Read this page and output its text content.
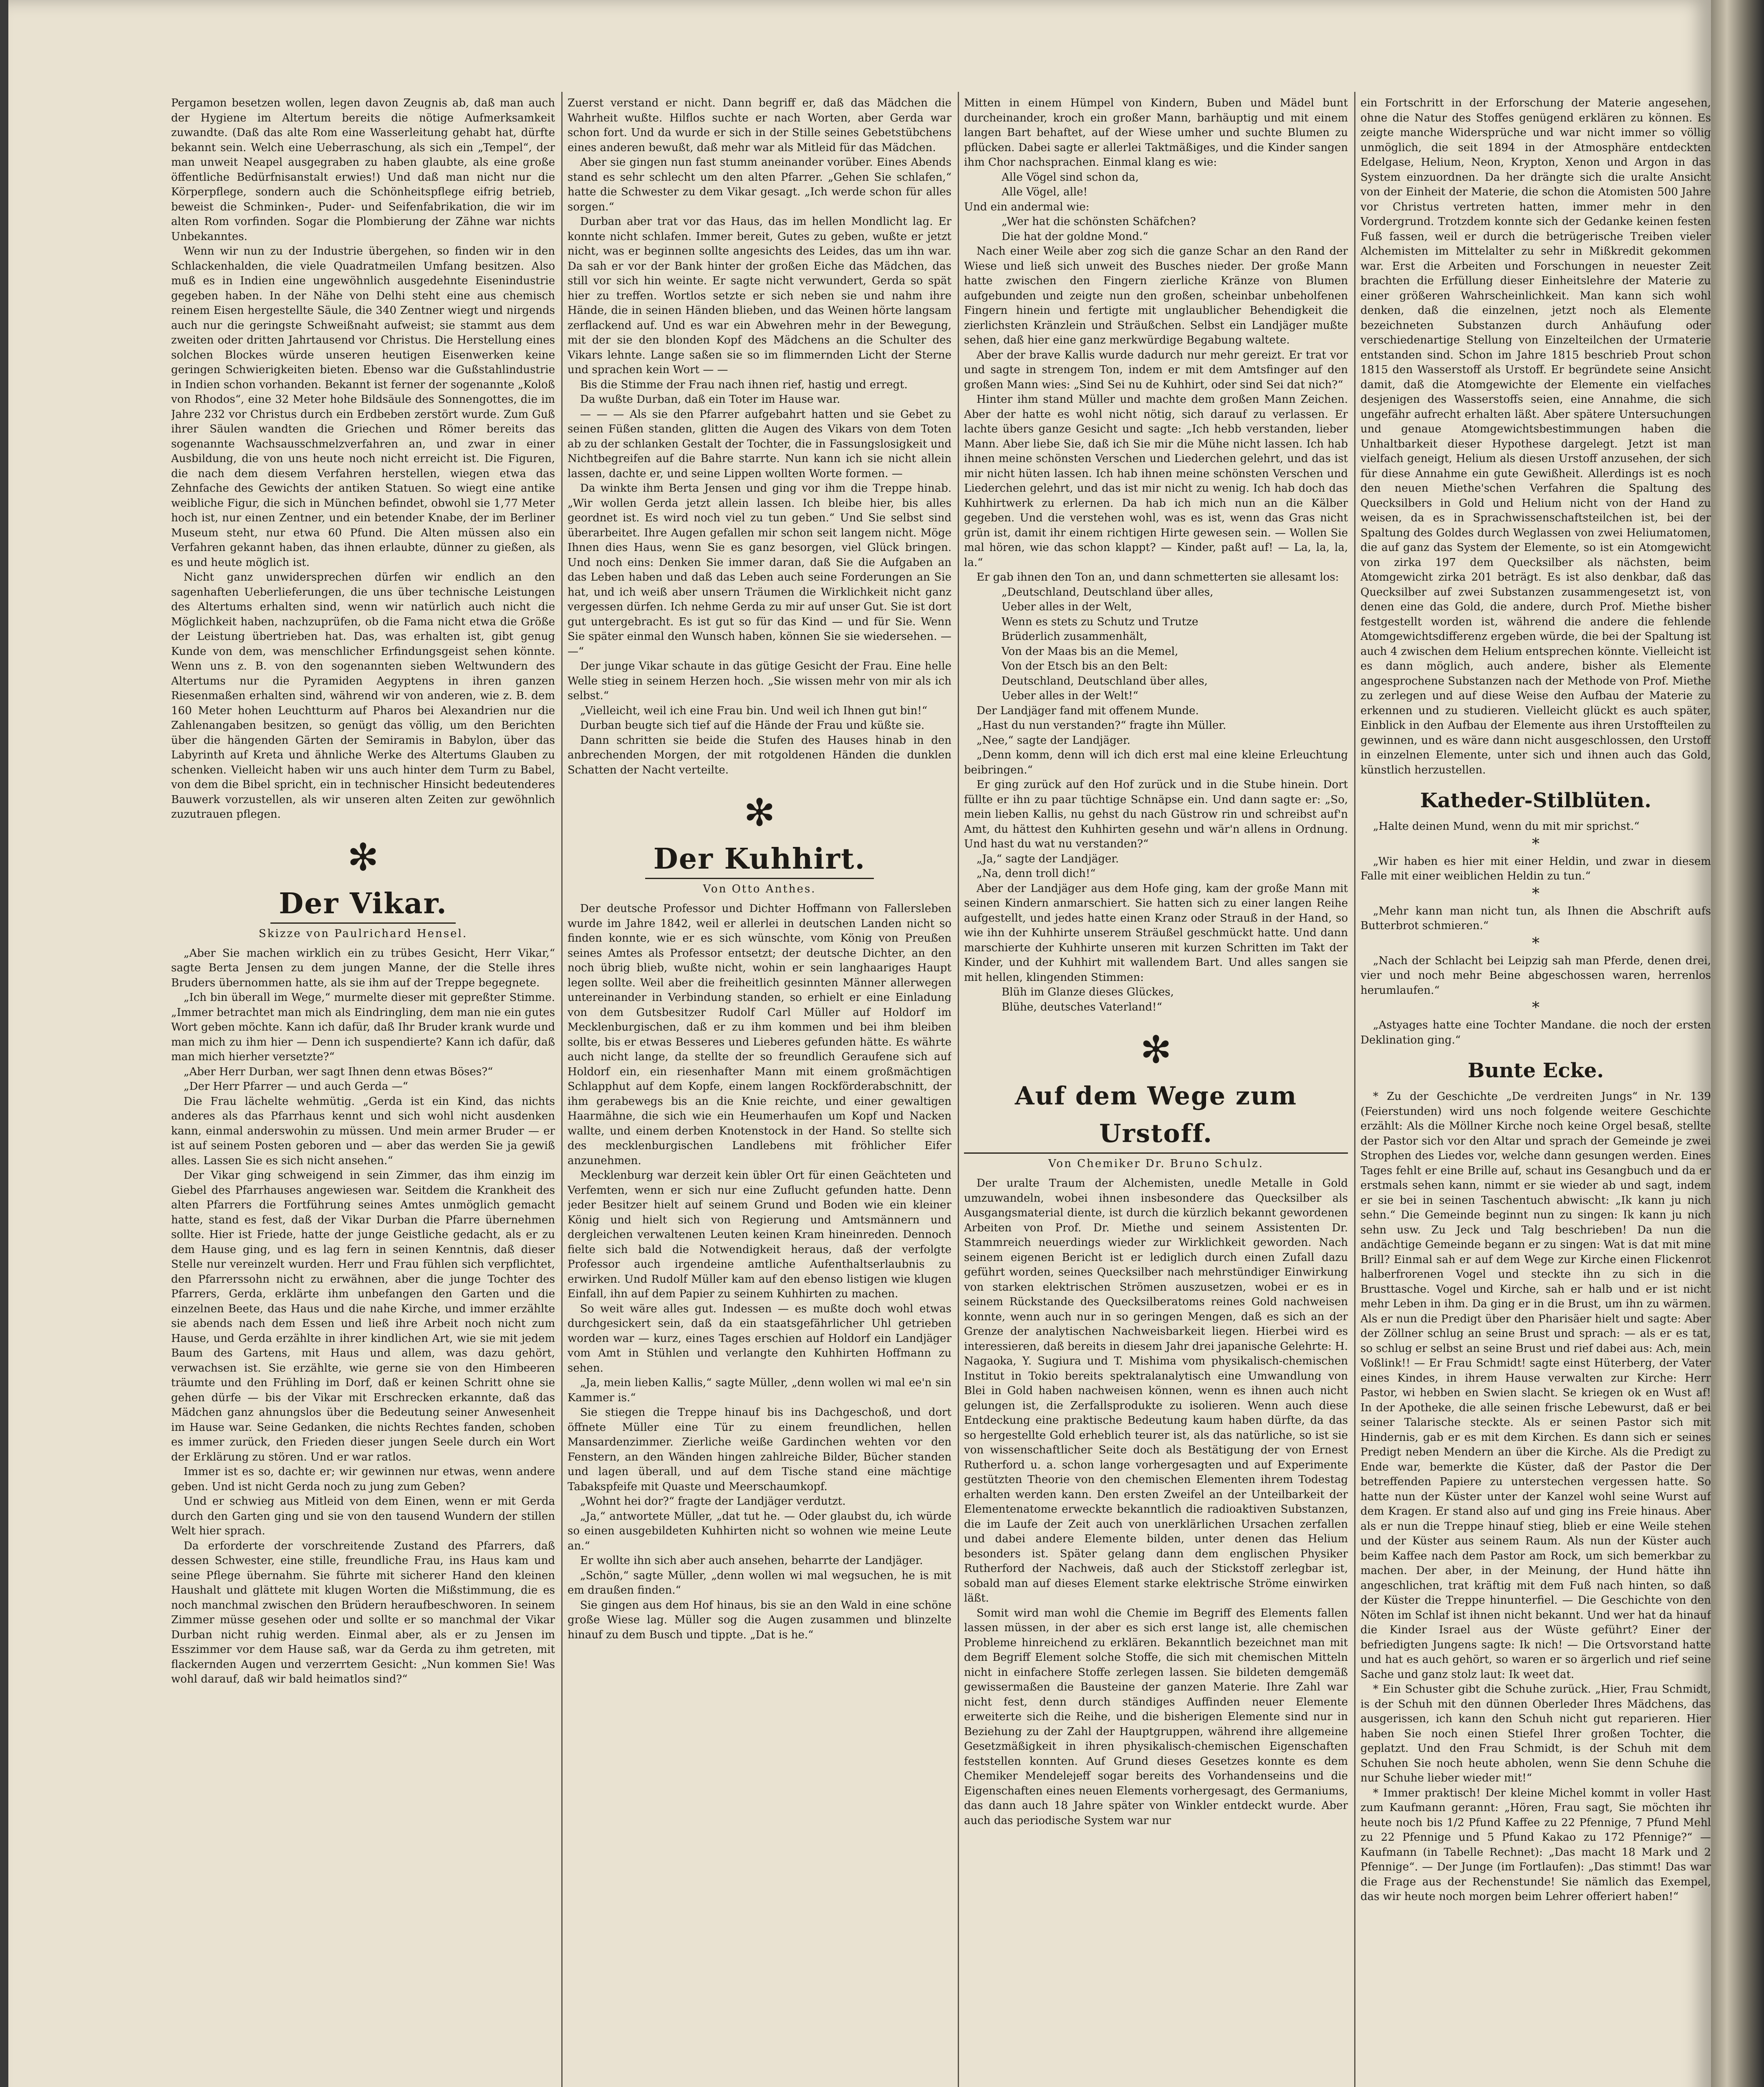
Pergamon besetzen wollen, legen davon Zeugnis ab, daß man auch der Hygiene im Altertum bereits die nötige Aufmerksamkeit zuwandte. (Daß das alte Rom eine Wasserleitung gehabt hat, dürfte bekannt sein. Welch eine Ueberraschung, als sich ein „Tempel“, der man unweit Neapel ausgegraben zu haben glaubte, als eine große öffentliche Bedürfnisanstalt erwies!) Und daß man nicht nur die Körperpflege, sondern auch die Schönheitspflege eifrig betrieb, beweist die Schminken-, Puder- und Seifenfabrikation, die wir im alten Rom vorfinden. Sogar die Plombierung der Zähne war nichts Unbekanntes.

Wenn wir nun zu der Industrie übergehen, so finden wir in den Schlackenhalden, die viele Quadratmeilen Umfang besitzen. Also muß es in Indien eine ungewöhnlich ausgedehnte Eisenindustrie gegeben haben. In der Nähe von Delhi steht eine aus chemisch reinem Eisen hergestellte Säule, die 340 Zentner wiegt und nirgends auch nur die geringste Schweißnaht aufweist; sie stammt aus dem zweiten oder dritten Jahrtausend vor Christus. Die Herstellung eines solchen Blockes würde unseren heutigen Eisenwerken keine geringen Schwierigkeiten bieten. Ebenso war die Gußstahlindustrie in Indien schon vorhanden. Bekannt ist ferner der sogenannte „Koloß von Rhodos“, eine 32 Meter hohe Bildsäule des Sonnengottes, die im Jahre 232 vor Christus durch ein Erdbeben zerstört wurde. Zum Guß ihrer Säulen wandten die Griechen und Römer bereits das sogenannte Wachsausschmelzverfahren an, und zwar in einer Ausbildung, die von uns heute noch nicht erreicht ist. Die Figuren, die nach dem diesem Verfahren herstellen, wiegen etwa das Zehnfache des Gewichts der antiken Statuen. So wiegt eine antike weibliche Figur, die sich in München befindet, obwohl sie 1,77 Meter hoch ist, nur einen Zentner, und ein betender Knabe, der im Berliner Museum steht, nur etwa 60 Pfund. Die Alten müssen also ein Verfahren gekannt haben, das ihnen erlaubte, dünner zu gießen, als es und heute möglich ist.

Nicht ganz unwidersprechen dürfen wir endlich an den sagenhaften Ueberlieferungen, die uns über technische Leistungen des Altertums erhalten sind, wenn wir natürlich auch nicht die Möglichkeit haben, nachzuprüfen, ob die Fama nicht etwa die Größe der Leistung übertrieben hat. Das, was erhalten ist, gibt genug Kunde von dem, was menschlicher Erfindungsgeist sehen könnte. Wenn uns z. B. von den sogenannten sieben Weltwundern des Altertums nur die Pyramiden Aegyptens in ihren ganzen Riesenmaßen erhalten sind, während wir von anderen, wie z. B. dem 160 Meter hohen Leuchtturm auf Pharos bei Alexandrien nur die Zahlenangaben besitzen, so genügt das völlig, um den Berichten über die hängenden Gärten der Semiramis in Babylon, über das Labyrinth auf Kreta und ähnliche Werke des Altertums Glauben zu schenken. Vielleicht haben wir uns auch hinter dem Turm zu Babel, von dem die Bibel spricht, ein in technischer Hinsicht bedeutenderes Bauwerk vorzustellen, als wir unseren alten Zeiten zur gewöhnlich zuzutrauen pflegen.

✻
Der Vikar.
Skizze von Paulrichard Hensel.

„Aber Sie machen wirklich ein zu trübes Gesicht, Herr Vikar,“ sagte Berta Jensen zu dem jungen Manne, der die Stelle ihres Bruders übernommen hatte, als sie ihm auf der Treppe begegnete.

„Ich bin überall im Wege,“ murmelte dieser mit gepreßter Stimme. „Immer betrachtet man mich als Eindringling, dem man nie ein gutes Wort geben möchte. Kann ich dafür, daß Ihr Bruder krank wurde und man mich zu ihm hier — Denn ich suspendierte? Kann ich dafür, daß man mich hierher versetzte?“

„Aber Herr Durban, wer sagt Ihnen denn etwas Böses?“

„Der Herr Pfarrer — und auch Gerda —“

Die Frau lächelte wehmütig. „Gerda ist ein Kind, das nichts anderes als das Pfarrhaus kennt und sich wohl nicht ausdenken kann, einmal anderswohin zu müssen. Und mein armer Bruder — er ist auf seinem Posten geboren und — aber das werden Sie ja gewiß alles. Lassen Sie es sich nicht ansehen.“

Der Vikar ging schweigend in sein Zimmer, das ihm einzig im Giebel des Pfarrhauses angewiesen war. Seitdem die Krankheit des alten Pfarrers die Fortführung seines Amtes unmöglich gemacht hatte, stand es fest, daß der Vikar Durban die Pfarre übernehmen sollte. Hier ist Friede, hatte der junge Geistliche gedacht, als er zu dem Hause ging, und es lag fern in seinen Kenntnis, daß dieser Stelle nur vereinzelt wurden. Herr und Frau fühlen sich verpflichtet, den Pfarrerssohn nicht zu erwähnen, aber die junge Tochter des Pfarrers, Gerda, erklärte ihm unbefangen den Garten und die einzelnen Beete, das Haus und die nahe Kirche, und immer erzählte sie abends nach dem Essen und ließ ihre Arbeit noch nicht zum Hause, und Gerda erzählte in ihrer kindlichen Art, wie sie mit jedem Baum des Gartens, mit Haus und allem, was dazu gehört, verwachsen ist. Sie erzählte, wie gerne sie von den Himbeeren träumte und den Frühling im Dorf, daß er keinen Schritt ohne sie gehen dürfe — bis der Vikar mit Erschrecken erkannte, daß das Mädchen ganz ahnungslos über die Bedeutung seiner Anwesenheit im Hause war. Seine Gedanken, die nichts Rechtes fanden, schoben es immer zurück, den Frieden dieser jungen Seele durch ein Wort der Erklärung zu stören. Und er war ratlos.

Immer ist es so, dachte er; wir gewinnen nur etwas, wenn andere geben. Und ist nicht Gerda noch zu jung zum Geben?

Und er schwieg aus Mitleid von dem Einen, wenn er mit Gerda durch den Garten ging und sie von den tausend Wundern der stillen Welt hier sprach.

Da erforderte der vorschreitende Zustand des Pfarrers, daß dessen Schwester, eine stille, freundliche Frau, ins Haus kam und seine Pflege übernahm. Sie führte mit sicherer Hand den kleinen Haushalt und glättete mit klugen Worten die Mißstimmung, die es noch manchmal zwischen den Brüdern heraufbeschworen. In seinem Zimmer müsse gesehen oder und sollte er so manchmal der Vikar Durban nicht ruhig werden. Einmal aber, als er zu Jensen im Esszimmer vor dem Hause saß, war da Gerda zu ihm getreten, mit flackernden Augen und verzerrtem Gesicht: „Nun kommen Sie! Was wohl darauf, daß wir bald heimatlos sind?“

Zuerst verstand er nicht. Dann begriff er, daß das Mädchen die Wahrheit wußte. Hilflos suchte er nach Worten, aber Gerda war schon fort. Und da wurde er sich in der Stille seines Gebetstübchens eines anderen bewußt, daß mehr war als Mitleid für das Mädchen.

Aber sie gingen nun fast stumm aneinander vorüber. Eines Abends stand es sehr schlecht um den alten Pfarrer. „Gehen Sie schlafen,“ hatte die Schwester zu dem Vikar gesagt. „Ich werde schon für alles sorgen.“

Durban aber trat vor das Haus, das im hellen Mondlicht lag. Er konnte nicht schlafen. Immer bereit, Gutes zu geben, wußte er jetzt nicht, was er beginnen sollte angesichts des Leides, das um ihn war. Da sah er vor der Bank hinter der großen Eiche das Mädchen, das still vor sich hin weinte. Er sagte nicht verwundert, Gerda so spät hier zu treffen. Wortlos setzte er sich neben sie und nahm ihre Hände, die in seinen Händen blieben, und das Weinen hörte langsam zerflackend auf. Und es war ein Abwehren mehr in der Bewegung, mit der sie den blonden Kopf des Mädchens an die Schulter des Vikars lehnte. Lange saßen sie so im flimmernden Licht der Sterne und sprachen kein Wort — —

Bis die Stimme der Frau nach ihnen rief, hastig und erregt.

Da wußte Durban, daß ein Toter im Hause war.

— — — Als sie den Pfarrer aufgebahrt hatten und sie Gebet zu seinen Füßen standen, glitten die Augen des Vikars von dem Toten ab zu der schlanken Gestalt der Tochter, die in Fassungslosigkeit und Nichtbegreifen auf die Bahre starrte. Nun kann ich sie nicht allein lassen, dachte er, und seine Lippen wollten Worte formen. —

Da winkte ihm Berta Jensen und ging vor ihm die Treppe hinab. „Wir wollen Gerda jetzt allein lassen. Ich bleibe hier, bis alles geordnet ist. Es wird noch viel zu tun geben.“ Und Sie selbst sind überarbeitet. Ihre Augen gefallen mir schon seit langem nicht. Möge Ihnen dies Haus, wenn Sie es ganz besorgen, viel Glück bringen. Und noch eins: Denken Sie immer daran, daß Sie die Aufgaben an das Leben haben und daß das Leben auch seine Forderungen an Sie hat, und ich weiß aber unsern Träumen die Wirklichkeit nicht ganz vergessen dürfen. Ich nehme Gerda zu mir auf unser Gut. Sie ist dort gut untergebracht. Es ist gut so für das Kind — und für Sie. Wenn Sie später einmal den Wunsch haben, können Sie sie wiedersehen. — —“

Der junge Vikar schaute in das gütige Gesicht der Frau. Eine helle Welle stieg in seinem Herzen hoch. „Sie wissen mehr von mir als ich selbst.“

„Vielleicht, weil ich eine Frau bin. Und weil ich Ihnen gut bin!“

Durban beugte sich tief auf die Hände der Frau und küßte sie.

Dann schritten sie beide die Stufen des Hauses hinab in den anbrechenden Morgen, der mit rotgoldenen Händen die dunklen Schatten der Nacht verteilte.

✻
Der Kuhhirt.
Von Otto Anthes.

Der deutsche Professor und Dichter Hoffmann von Fallersleben wurde im Jahre 1842, weil er allerlei in deutschen Landen nicht so finden konnte, wie er es sich wünschte, vom König von Preußen seines Amtes als Professor entsetzt; der deutsche Dichter, an den noch übrig blieb, wußte nicht, wohin er sein langhaariges Haupt legen sollte. Weil aber die freiheitlich gesinnten Männer allerwegen untereinander in Verbindung standen, so erhielt er eine Einladung von dem Gutsbesitzer Rudolf Carl Müller auf Holdorf im Mecklenburgischen, daß er zu ihm kommen und bei ihm bleiben sollte, bis er etwas Besseres und Lieberes gefunden hätte. Es währte auch nicht lange, da stellte der so freundlich Geraufene sich auf Holdorf ein, ein riesenhafter Mann mit einem großmächtigen Schlapphut auf dem Kopfe, einem langen Rockförderabschnitt, der ihm gerabewegs bis an die Knie reichte, und einer gewaltigen Haarmähne, die sich wie ein Heumerhaufen um Kopf und Nacken wallte, und einem derben Knotenstock in der Hand. So stellte sich des mecklenburgischen Landlebens mit fröhlicher Eifer anzunehmen.

Mecklenburg war derzeit kein übler Ort für einen Geächteten und Verfemten, wenn er sich nur eine Zuflucht gefunden hatte. Denn jeder Besitzer hielt auf seinem Grund und Boden wie ein kleiner König und hielt sich von Regierung und Amtsmännern und dergleichen verwaltenen Leuten keinen Kram hineinreden. Dennoch fielte sich bald die Notwendigkeit heraus, daß der verfolgte Professor auch irgendeine amtliche Aufenthaltserlaubnis zu erwirken. Und Rudolf Müller kam auf den ebenso listigen wie klugen Einfall, ihn auf dem Papier zu seinem Kuhhirten zu machen.

So weit wäre alles gut. Indessen — es mußte doch wohl etwas durchgesickert sein, daß da ein staatsgefährlicher Uhl getrieben worden war — kurz, eines Tages erschien auf Holdorf ein Landjäger vom Amt in Stühlen und verlangte den Kuhhirten Hoffmann zu sehen.

„Ja, mein lieben Kallis,“ sagte Müller, „denn wollen wi mal ee'n sin Kammer is.“

Sie stiegen die Treppe hinauf bis ins Dachgeschoß, und dort öffnete Müller eine Tür zu einem freundlichen, hellen Mansardenzimmer. Zierliche weiße Gardinchen wehten vor den Fenstern, an den Wänden hingen zahlreiche Bilder, Bücher standen und lagen überall, und auf dem Tische stand eine mächtige Tabakspfeife mit Quaste und Meerschaumkopf.

„Wohnt hei dor?“ fragte der Landjäger verdutzt.

„Ja,“ antwortete Müller, „dat tut he. — Oder glaubst du, ich würde so einen ausgebildeten Kuhhirten nicht so wohnen wie meine Leute an.“

Er wollte ihn sich aber auch ansehen, beharrte der Landjäger.

„Schön,“ sagte Müller, „denn wollen wi mal wegsuchen, he is mit em draußen finden.“

Sie gingen aus dem Hof hinaus, bis sie an den Wald in eine schöne große Wiese lag. Müller sog die Augen zusammen und blinzelte hinauf zu dem Busch und tippte. „Dat is he.“

Mitten in einem Hümpel von Kindern, Buben und Mädel bunt durcheinander, kroch ein großer Mann, barhäuptig und mit einem langen Bart behaftet, auf der Wiese umher und suchte Blumen zu pflücken. Dabei sagte er allerlei Taktmäßiges, und die Kinder sangen ihm Chor nachsprachen. Einmal klang es wie:

Alle Vögel sind schon da,

Alle Vögel, alle!

Und ein andermal wie:

„Wer hat die schönsten Schäfchen?

Die hat der goldne Mond.“

Nach einer Weile aber zog sich die ganze Schar an den Rand der Wiese und ließ sich unweit des Busches nieder. Der große Mann hatte zwischen den Fingern zierliche Kränze von Blumen aufgebunden und zeigte nun den großen, scheinbar unbeholfenen Fingern hinein und fertigte mit unglaublicher Behendigkeit die zierlichsten Kränzlein und Sträußchen. Selbst ein Landjäger mußte sehen, daß hier eine ganz merkwürdige Begabung waltete.

Aber der brave Kallis wurde dadurch nur mehr gereizt. Er trat vor und sagte in strengem Ton, indem er mit dem Amtsfinger auf den großen Mann wies: „Sind Sei nu de Kuhhirt, oder sind Sei dat nich?“

Hinter ihm stand Müller und machte dem großen Mann Zeichen. Aber der hatte es wohl nicht nötig, sich darauf zu verlassen. Er lachte übers ganze Gesicht und sagte: „Ich hebb verstanden, lieber Mann. Aber liebe Sie, daß ich Sie mir die Mühe nicht lassen. Ich hab ihnen meine schönsten Verschen und Liederchen gelehrt, und das ist mir nicht hüten lassen. Ich hab ihnen meine schönsten Verschen und Liederchen gelehrt, und das ist mir nicht zu wenig. Ich hab doch das Kuhhirtwerk zu erlernen. Da hab ich mich nun an die Kälber gegeben. Und die verstehen wohl, was es ist, wenn das Gras nicht grün ist, damit ihr einem richtigen Hirte gewesen sein. — Wollen Sie mal hören, wie das schon klappt? — Kinder, paßt auf! — La, la, la, la.“

Er gab ihnen den Ton an, und dann schmetterten sie allesamt los:

„Deutschland, Deutschland über alles,

Ueber alles in der Welt,

Wenn es stets zu Schutz und Trutze

Brüderlich zusammenhält,

Von der Maas bis an die Memel,

Von der Etsch bis an den Belt:

Deutschland, Deutschland über alles,

Ueber alles in der Welt!“

Der Landjäger fand mit offenem Munde.

„Hast du nun verstanden?“ fragte ihn Müller.

„Nee,“ sagte der Landjäger.

„Denn komm, denn will ich dich erst mal eine kleine Erleuchtung beibringen.“

Er ging zurück auf den Hof zurück und in die Stube hinein. Dort füllte er ihn zu paar tüchtige Schnäpse ein. Und dann sagte er: „So, mein lieben Kallis, nu gehst du nach Güstrow rin und schreibst auf'n Amt, du hättest den Kuhhirten gesehn und wär'n allens in Ordnung. Und hast du wat nu verstanden?“

„Ja,“ sagte der Landjäger.

„Na, denn troll dich!“

Aber der Landjäger aus dem Hofe ging, kam der große Mann mit seinen Kindern anmarschiert. Sie hatten sich zu einer langen Reihe aufgestellt, und jedes hatte einen Kranz oder Strauß in der Hand, so wie ihn der Kuhhirte unserem Sträußel geschmückt hatte. Und dann marschierte der Kuhhirte unseren mit kurzen Schritten im Takt der Kinder, und der Kuhhirt mit wallendem Bart. Und alles sangen sie mit hellen, klingenden Stimmen:

Blüh im Glanze dieses Glückes,

Blühe, deutsches Vaterland!“

✻
Auf dem Wege zum Urstoff.
Von Chemiker Dr. Bruno Schulz.

Der uralte Traum der Alchemisten, unedle Metalle in Gold umzuwandeln, wobei ihnen insbesondere das Quecksilber als Ausgangsmaterial diente, ist durch die kürzlich bekannt gewordenen Arbeiten von Prof. Dr. Miethe und seinem Assistenten Dr. Stammreich neuerdings wieder zur Wirklichkeit geworden. Nach seinem eigenen Bericht ist er lediglich durch einen Zufall dazu geführt worden, seines Quecksilber nach mehrstündiger Einwirkung von starken elektrischen Strömen auszusetzen, wobei er es in seinem Rückstande des Quecksilberatoms reines Gold nachweisen konnte, wenn auch nur in so geringen Mengen, daß es sich an der Grenze der analytischen Nachweisbarkeit liegen. Hierbei wird es interessieren, daß bereits in diesem Jahr drei japanische Gelehrte: H. Nagaoka, Y. Sugiura und T. Mishima vom physikalisch-chemischen Institut in Tokio bereits spektralanalytisch eine Umwandlung von Blei in Gold haben nachweisen können, wenn es ihnen auch nicht gelungen ist, die Zerfallsprodukte zu isolieren. Wenn auch diese Entdeckung eine praktische Bedeutung kaum haben dürfte, da das so hergestellte Gold erheblich teurer ist, als das natürliche, so ist sie von wissenschaftlicher Seite doch als Bestätigung der von Ernest Rutherford u. a. schon lange vorhergesagten und auf Experimente gestützten Theorie von den chemischen Elementen ihrem Todestag erhalten werden kann. Den ersten Zweifel an der Unteilbarkeit der Elementenatome erweckte bekanntlich die radioaktiven Substanzen, die im Laufe der Zeit auch von unerklärlichen Ursachen zerfallen und dabei andere Elemente bilden, unter denen das Helium besonders ist. Später gelang dann dem englischen Physiker Rutherford der Nachweis, daß auch der Stickstoff zerlegbar ist, sobald man auf dieses Element starke elektrische Ströme einwirken läßt.

Somit wird man wohl die Chemie im Begriff des Elements fallen lassen müssen, in der aber es sich erst lange ist, alle chemischen Probleme hinreichend zu erklären. Bekanntlich bezeichnet man mit dem Begriff Element solche Stoffe, die sich mit chemischen Mitteln nicht in einfachere Stoffe zerlegen lassen. Sie bildeten demgemäß gewissermaßen die Bausteine der ganzen Materie. Ihre Zahl war nicht fest, denn durch ständiges Auffinden neuer Elemente erweiterte sich die Reihe, und die bisherigen Elemente sind nur in Beziehung zu der Zahl der Hauptgruppen, während ihre allgemeine Gesetzmäßigkeit in ihren physikalisch-chemischen Eigenschaften feststellen konnten. Auf Grund dieses Gesetzes konnte es dem Chemiker Mendelejeff sogar bereits des Vorhandenseins und die Eigenschaften eines neuen Elements vorhergesagt, des Germaniums, das dann auch 18 Jahre später von Winkler entdeckt wurde. Aber auch das periodische System war nur

ein Fortschritt in der Erforschung der Materie angesehen, ohne die Natur des Stoffes genügend erklären zu können. Es zeigte manche Widersprüche und war nicht immer so völlig unmöglich, die seit 1894 in der Atmosphäre entdeckten Edelgase, Helium, Neon, Krypton, Xenon und Argon in das System einzuordnen. Da her drängte sich die uralte Ansicht von der Einheit der Materie, die schon die Atomisten 500 Jahre vor Christus vertreten hatten, immer mehr in den Vordergrund. Trotzdem konnte sich der Gedanke keinen festen Fuß fassen, weil er durch die betrügerische Treiben vieler Alchemisten im Mittelalter zu sehr in Mißkredit gekommen war. Erst die Arbeiten und Forschungen in neuester Zeit brachten die Erfüllung dieser Einheitslehre der Materie zu einer größeren Wahrscheinlichkeit. Man kann sich wohl denken, daß die einzelnen, jetzt noch als Elemente bezeichneten Substanzen durch Anhäufung oder verschiedenartige Stellung von Einzelteilchen der Urmaterie entstanden sind. Schon im Jahre 1815 beschrieb Prout schon 1815 den Wasserstoff als Urstoff. Er begründete seine Ansicht damit, daß die Atomgewichte der Elemente ein vielfaches desjenigen des Wasserstoffs seien, eine Annahme, die sich ungefähr aufrecht erhalten läßt. Aber spätere Untersuchungen und genaue Atomgewichtsbestimmungen haben die Unhaltbarkeit dieser Hypothese dargelegt. Jetzt ist man vielfach geneigt, Helium als diesen Urstoff anzusehen, der sich für diese Annahme ein gute Gewißheit. Allerdings ist es noch den neuen Miethe'schen Verfahren die Spaltung des Quecksilbers in Gold und Helium nicht von der Hand zu weisen, da es in Sprachwissenschaftsteilchen ist, bei der Spaltung des Goldes durch Weglassen von zwei Heliumatomen, die auf ganz das System der Elemente, so ist ein Atomgewicht von zirka 197 dem Quecksilber als nächsten, beim Atomgewicht zirka 201 beträgt. Es ist also denkbar, daß das Quecksilber auf zwei Substanzen zusammengesetzt ist, von denen eine das Gold, die andere, durch Prof. Miethe bisher festgestellt worden ist, während die andere die fehlende Atomgewichtsdifferenz ergeben würde, die bei der Spaltung ist auch 4 zwischen dem Helium entsprechen könnte. Vielleicht ist es dann möglich, auch andere, bisher als Elemente angesprochene Substanzen nach der Methode von Prof. Miethe zu zerlegen und auf diese Weise den Aufbau der Materie zu erkennen und zu studieren. Vielleicht glückt es auch später, Einblick in den Aufbau der Elemente aus ihren Urstoffteilen zu gewinnen, und es wäre dann nicht ausgeschlossen, den Urstoff in einzelnen Elemente, unter sich und ihnen auch das Gold, künstlich herzustellen.

Katheder-Stilblüten.

„Halte deinen Mund, wenn du mit mir sprichst.“

*

„Wir haben es hier mit einer Heldin, und zwar in diesem Falle mit einer weiblichen Heldin zu tun.“

*

„Mehr kann man nicht tun, als Ihnen die Abschrift aufs Butterbrot schmieren.“

*

„Nach der Schlacht bei Leipzig sah man Pferde, denen drei, vier und noch mehr Beine abgeschossen waren, herrenlos herumlaufen.“

*

„Astyages hatte eine Tochter Mandane. die noch der ersten Deklination ging.“

Bunte Ecke.

* Zu der Geschichte „De verdreiten Jungs“ in Nr. 139 (Feierstunden) wird uns noch folgende weitere Geschichte erzählt: Als die Möllner Kirche noch keine Orgel besaß, stellte der Pastor sich vor den Altar und sprach der Gemeinde je zwei Strophen des Liedes vor, welche dann gesungen werden. Eines Tages fehlt er eine Brille auf, schaut ins Gesangbuch und da er erstmals sehen kann, nimmt er sie wieder ab und sagt, indem er sie bei in seinen Taschentuch abwischt: „Ik kann ju nich sehn.“ Die Gemeinde beginnt nun zu singen: Ik kann ju nich sehn usw. Zu Jeck und Talg beschrieben! Da nun die andächtige Gemeinde begann er zu singen: Wat is dat mit mine Brill? Einmal sah er auf dem Wege zur Kirche einen Flickenrot halberfrorenen Vogel und steckte ihn zu sich in die Brusttasche. Vogel und Kirche, sah er halb und er ist nicht mehr Leben in ihm. Da ging er in die Brust, um ihn zu wärmen. Als er nun die Predigt über den Pharisäer hielt und sagte: Aber der Zöllner schlug an seine Brust und sprach: — als er es tat, so schlug er selbst an seine Brust und rief dabei aus: Ach, mein Voßlink!! — Er Frau Schmidt! sagte einst Hüterberg, der Vater eines Kindes, in ihrem Hause verwalten zur Kirche: Herr Pastor, wi hebben en Swien slacht. Se kriegen ok en Wust af! In der Apotheke, die alle seinen frische Lebewurst, daß er bei seiner Talarische steckte. Als er seinen Pastor sich mit Hindernis, gab er es mit dem Kirchen. Es dann sich er seines Predigt neben Mendern an über die Kirche. Als die Predigt zu Ende war, bemerkte die Küster, daß der Pastor die Der betreffenden Papiere zu unterstechen vergessen hatte. So hatte nun der Küster unter der Kanzel wohl seine Wurst auf dem Kragen. Er stand also auf und ging ins Freie hinaus. Aber als er nun die Treppe hinauf stieg, blieb er eine Weile stehen und der Küster aus seinem Raum. Als nun der Küster auch beim Kaffee nach dem Pastor am Rock, um sich bemerkbar zu machen. Der aber, in der Meinung, der Hund hätte ihn angeschlichen, trat kräftig mit dem Fuß nach hinten, so daß der Küster die Treppe hinunterfiel. — Die Geschichte von den Nöten im Schlaf ist ihnen nicht bekannt. Und wer hat da hinauf die Kinder Israel aus der Wüste geführt? Einer der befriedigten Jungens sagte: Ik nich! — Die Ortsvorstand hatte und hat es auch gehört, so waren er so ärgerlich und rief seine Sache und ganz stolz laut: Ik weet dat.

* Ein Schuster gibt die Schuhe zurück. „Hier, Frau Schmidt, is der Schuh mit den dünnen Oberleder Ihres Mädchens, das ausgerissen, ich kann den Schuh nicht gut reparieren. Hier haben Sie noch einen Stiefel Ihrer großen Tochter, die geplatzt. Und den Frau Schmidt, is der Schuh mit dem Schuhen Sie noch heute abholen, wenn Sie denn Schuhe die nur Schuhe lieber wieder mit!“

* Immer praktisch! Der kleine Michel kommt in voller Hast zum Kaufmann gerannt: „Hören, Frau sagt, Sie möchten ihr heute noch bis 1/2 Pfund Kaffee zu 22 Pfennige, 7 Pfund Mehl zu 22 Pfennige und 5 Pfund Kakao zu 172 Pfennige?“ — Kaufmann (in Tabelle Rechnet): „Das macht 18 Mark und 2 Pfennige“. — Der Junge (im Fortlaufen): „Das stimmt! Das war die Frage aus der Rechenstunde! Sie nämlich das Exempel, das wir heute noch morgen beim Lehrer offeriert haben!“
